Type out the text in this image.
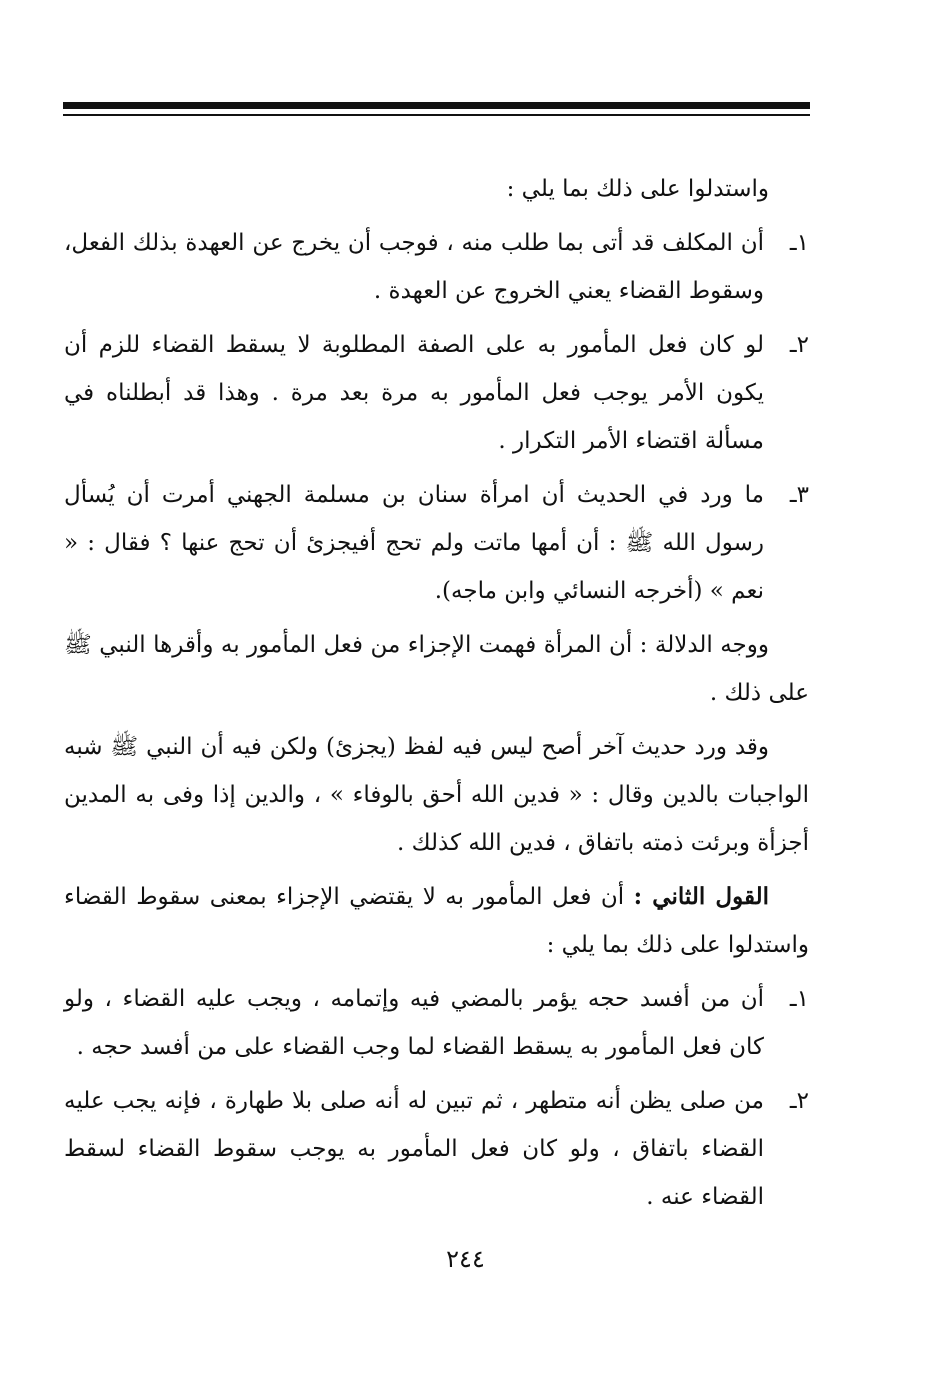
واستدلوا على ذلك بما يلي :

١ـ
أن المكلف قد أتى بما طلب منه ، فوجب أن يخرج عن العهدة بذلك الفعل، وسقوط القضاء يعني الخروج عن العهدة .
٢ـ
لو كان فعل المأمور به على الصفة المطلوبة لا يسقط القضاء للزم أن يكون الأمر يوجب فعل المأمور به مرة بعد مرة . وهذا قد أبطلناه في مسألة اقتضاء الأمر التكرار .
٣ـ
ما ورد في الحديث أن امرأة سنان بن مسلمة الجهني أمرت أن يُسأل رسول الله ﷺ : أن أمها ماتت ولم تحج أفيجزئ أن تحج عنها ؟ فقال : « نعم » (أخرجه النسائي وابن ماجه).

ووجه الدلالة : أن المرأة فهمت الإجزاء من فعل المأمور به وأقرها النبي ﷺ على ذلك .

وقد ورد حديث آخر أصح ليس فيه لفظ (يجزئ) ولكن فيه أن النبي ﷺ شبه الواجبات بالدين وقال : « فدين الله أحق بالوفاء » ، والدين إذا وفى به المدين أجزأة وبرئت ذمته باتفاق ، فدين الله كذلك .

القول الثاني : أن فعل المأمور به لا يقتضي الإجزاء بمعنى سقوط القضاء واستدلوا على ذلك بما يلي :

١ـ
أن من أفسد حجه يؤمر بالمضي فيه وإتمامه ، ويجب عليه القضاء ، ولو كان فعل المأمور به يسقط القضاء لما وجب القضاء على من أفسد حجه .
٢ـ
من صلى يظن أنه متطهر ، ثم تبين له أنه صلى بلا طهارة ، فإنه يجب عليه القضاء باتفاق ، ولو كان فعل المأمور به يوجب سقوط القضاء لسقط القضاء عنه .
٢٤٤
